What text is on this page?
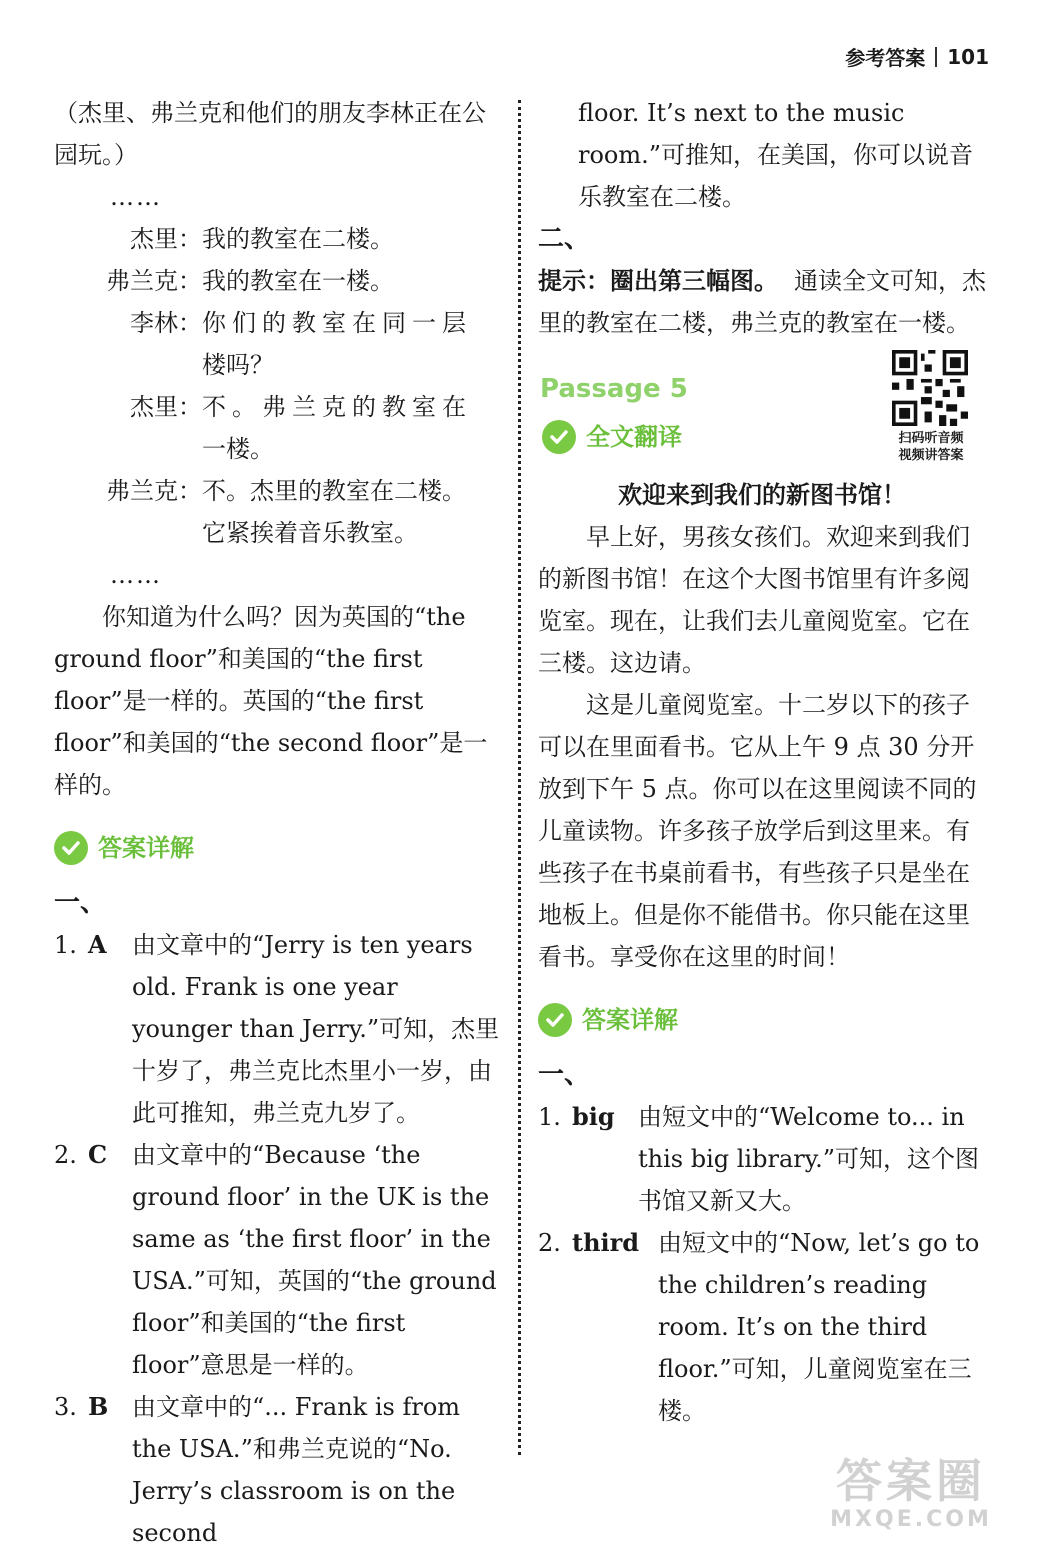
参考答案 101

（杰里、弗兰克和他们的朋友李林正在公园玩。）

……

杰里： 我的教室在二楼。
弗兰克： 我的教室在一楼。
李林： 你们的教室在同一层

楼吗？

杰里： 不。弗兰克的教室在

一楼。

弗兰克： 不。杰里的教室在二楼。

它紧挨着音乐教室。

……

你知道为什么吗？因为英国的“the ground floor”和美国的“the first floor”是一样的。英国的“the first floor”和美国的“the second floor”是一样的。

答案详解

一、

1. A	由文章中的“Jerry is ten years old. Frank is one year younger than Jerry.”可知，杰里十岁了，弗兰克比杰里小一岁，由此可推知，弗兰克九岁了。
2. C	由文章中的“Because ‘the ground floor’ in the UK is the same as ‘the first floor’ in the USA.”可知，英国的“the ground floor”和美国的“the first floor”意思是一样的。
3. B 由文章中的“... Frank is from the USA.”和弗兰克说的“No. Jerry’s classroom is on the second

floor. It’s next to the music room.”可推知，在美国，你可以说音乐教室在二楼。

二、

提示：圈出第三幅图。 通读全文可知，杰里的教室在二楼，弗兰克的教室在一楼。

Passage 5
全文翻译	扫码听音频
视频讲答案

欢迎来到我们的新图书馆！

早上好，男孩女孩们。欢迎来到我们的新图书馆！在这个大图书馆里有许多阅览室。现在，让我们去儿童阅览室。它在三楼。这边请。

这是儿童阅览室。十二岁以下的孩子可以在里面看书。它从上午 9 点 30 分开放到下午 5 点。你可以在这里阅读不同的儿童读物。许多孩子放学后到这里来。有些孩子在书桌前看书，有些孩子只是坐在地板上。但是你不能借书。你只能在这里看书。享受你在这里的时间！

答案详解

一、

1. big 由短文中的“Welcome to... in this big library.”可知，这个图书馆又新又大。
2. third 由短文中的“Now, let’s go to the children’s reading room. It’s on the third floor.”可知，儿童阅览室在三楼。
答案圈
MXQE.COM
